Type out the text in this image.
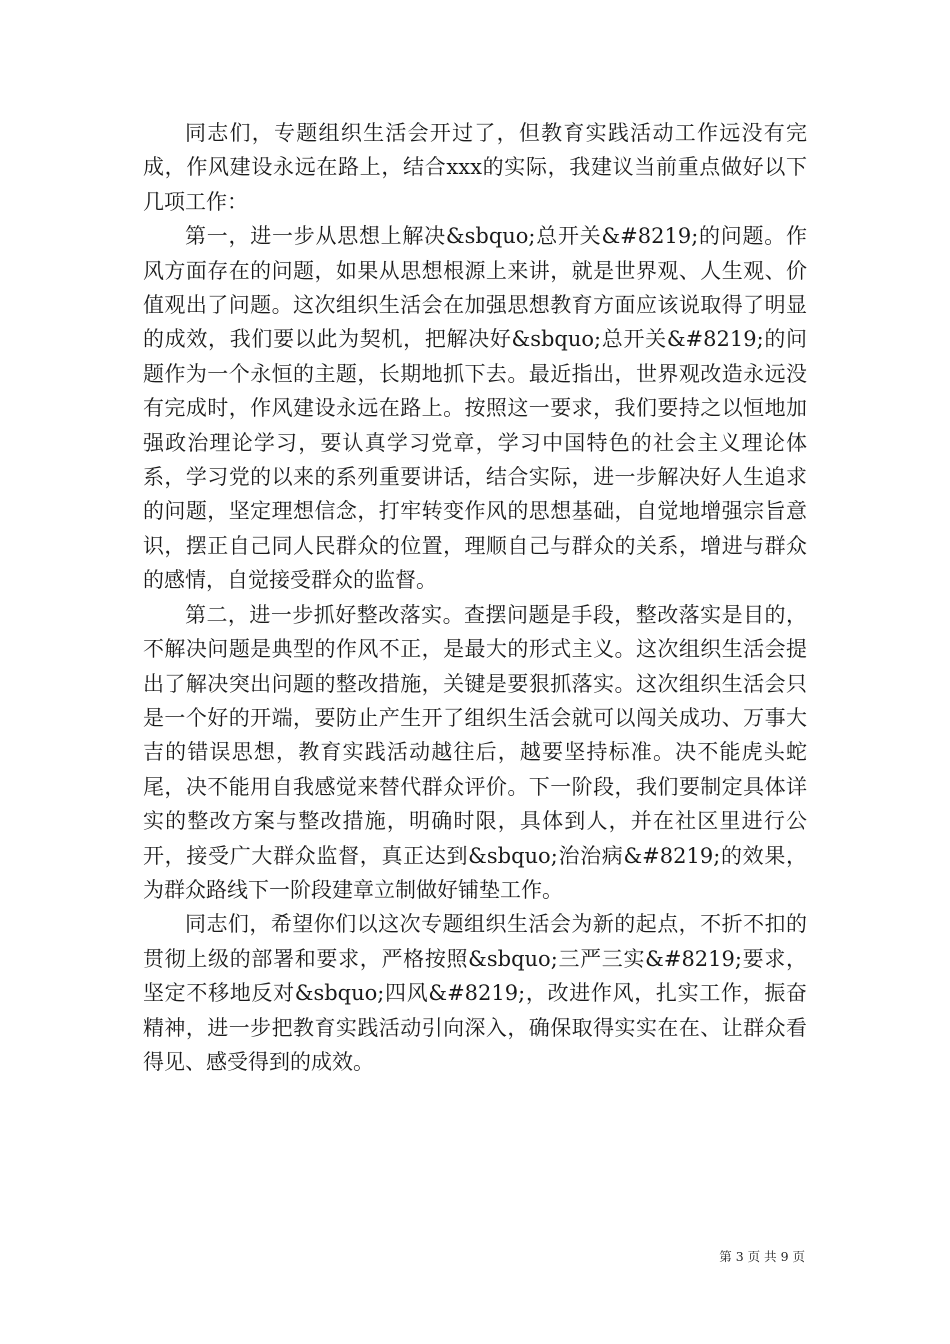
同志们，专题组织生活会开过了，但教育实践活动工作远没有完成，作风建设永远在路上，结合xxx的实际，我建议当前重点做好以下几项工作：

第一，进一步从思想上解决&sbquo;总开关&#8219;的问题。作风方面存在的问题，如果从思想根源上来讲，就是世界观、人生观、价值观出了问题。这次组织生活会在加强思想教育方面应该说取得了明显的成效，我们要以此为契机，把解决好&sbquo;总开关&#8219;的问题作为一个永恒的主题，长期地抓下去。最近指出，世界观改造永远没有完成时，作风建设永远在路上。按照这一要求，我们要持之以恒地加强政治理论学习，要认真学习党章，学习中国特色的社会主义理论体系，学习党的以来的系列重要讲话，结合实际，进一步解决好人生追求的问题，坚定理想信念，打牢转变作风的思想基础，自觉地增强宗旨意识，摆正自己同人民群众的位置，理顺自己与群众的关系，增进与群众的感情，自觉接受群众的监督。

第二，进一步抓好整改落实。查摆问题是手段，整改落实是目的，不解决问题是典型的作风不正，是最大的形式主义。这次组织生活会提出了解决突出问题的整改措施，关键是要狠抓落实。这次组织生活会只是一个好的开端，要防止产生开了组织生活会就可以闯关成功、万事大吉的错误思想，教育实践活动越往后，越要坚持标准。决不能虎头蛇尾，决不能用自我感觉来替代群众评价。下一阶段，我们要制定具体详实的整改方案与整改措施，明确时限，具体到人，并在社区里进行公开，接受广大群众监督，真正达到&sbquo;治治病&#8219;的效果，为群众路线下一阶段建章立制做好铺垫工作。

同志们，希望你们以这次专题组织生活会为新的起点，不折不扣的贯彻上级的部署和要求，严格按照&sbquo;三严三实&#8219;要求，坚定不移地反对&sbquo;四风&#8219;，改进作风，扎实工作，振奋精神，进一步把教育实践活动引向深入，确保取得实实在在、让群众看得见、感受得到的成效。

第 3 页 共 9 页
